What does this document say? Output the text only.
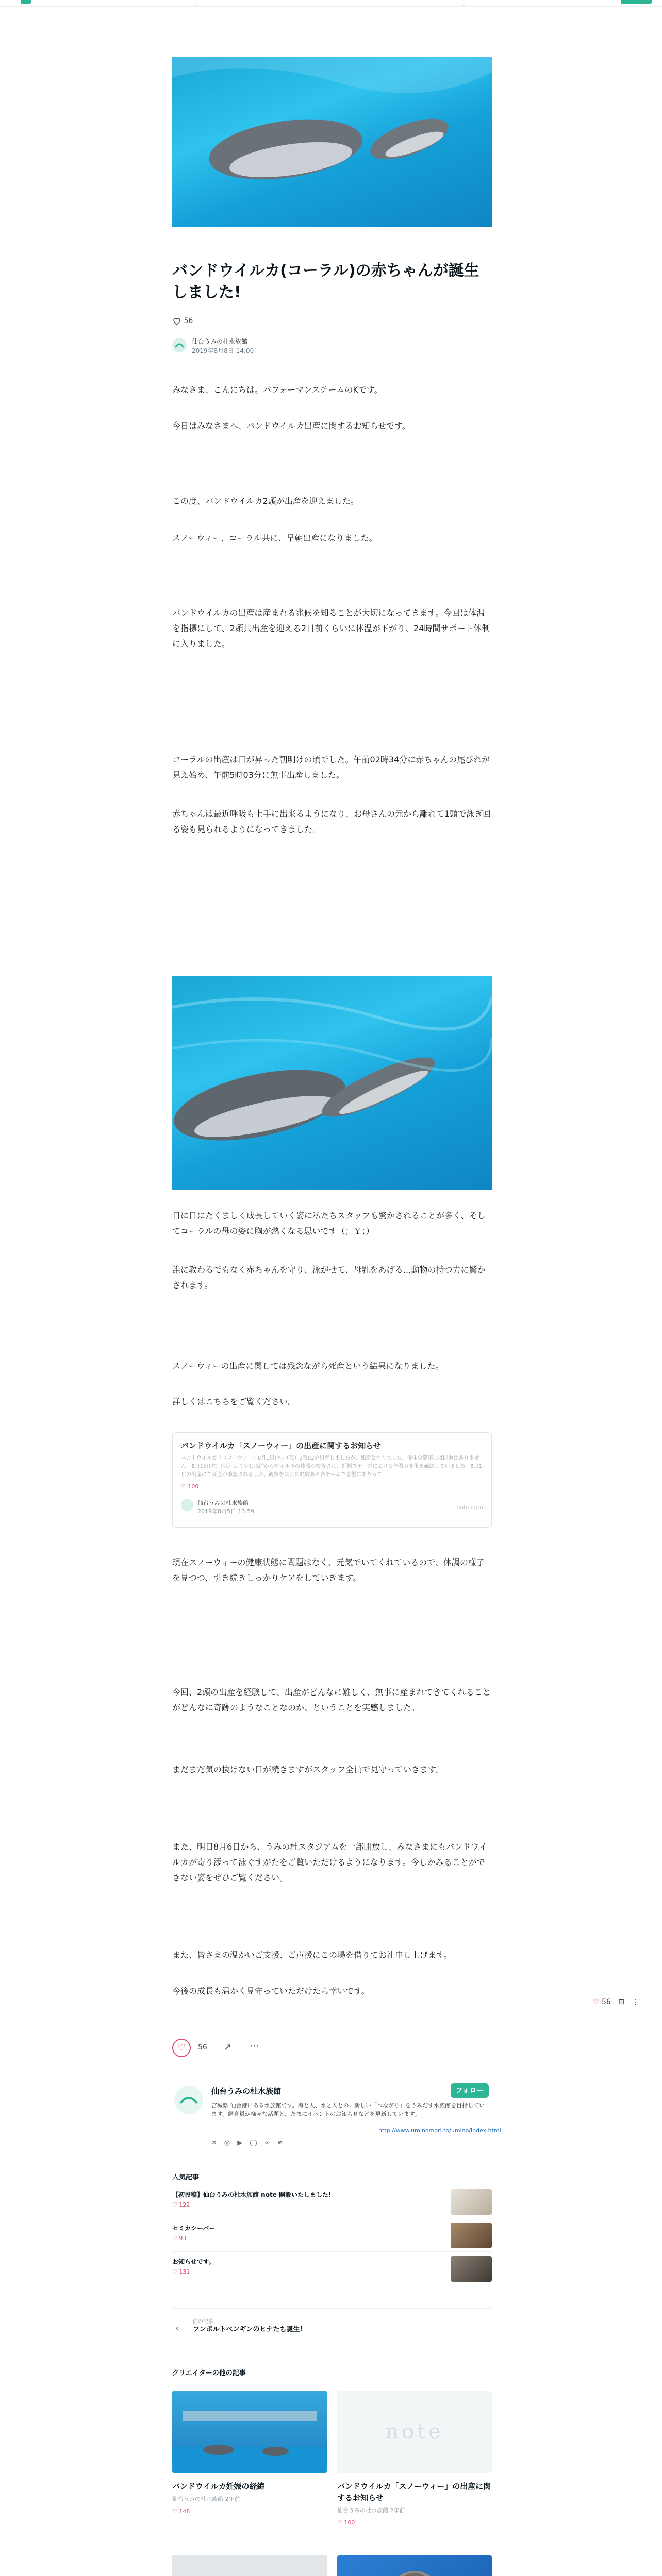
バンドウイルカ(コーラル)の赤ちゃんが誕生しました!
56
仙台うみの杜水族館
2019年8月8日 14:00
みなさま、こんにちは。パフォーマンスチームのKです。
今日はみなさまへ、バンドウイルカ出産に関するお知らせです。
この度、バンドウイルカ2頭が出産を迎えました。
スノーウィー、コーラル共に、早朝出産になりました。
バンドウイルカの出産は産まれる兆候を知ることが大切になってきます。今回は体温を指標にして、2頭共出産を迎える2日前くらいに体温が下がり、24時間サポート体制に入りました。
コーラルの出産は日が昇った朝明けの頃でした。午前02時34分に赤ちゃんの尾びれが見え始め、午前5時03分に無事出産しました。
赤ちゃんは最近呼吸も上手に出来るようになり、お母さんの元から離れて1頭で泳ぎ回る姿も見られるようになってきました。
日に日にたくましく成長していく姿に私たちスタッフも驚かされることが多く、そしてコーラルの母の姿に胸が熱くなる思いです（；Ｙ；）
誰に教わるでもなく赤ちゃんを守り、泳がせて、母乳をあげる…動物の持つ力に驚かされます。
スノーウィーの出産に関しては残念ながら死産という結果になりました。
詳しくはこちらをご覧ください。
バンドウイルカ「スノーウィー」の出産に関するお知らせ
バンドウイルカ「スノーウィー」8月1日(木)（死）2時02分出産しましたが、死産となりました。母体の健康には問題はありません。8月1日(木)（死）より少し以前から母イルカの体温が検査され、妊娠ステージにおける体温の変化を確認していました。8月1日の出産にて死産が確認されました。観察をはじめ経験ある各チームで事態にあたって…
♡ 100
仙台うみの杜水族館
2019年8月5日 13:59
note.com
現在スノーウィーの健康状態に問題はなく、元気でいてくれているので、体調の様子を見つつ、引き続きしっかりケアをしていきます。
今回、2頭の出産を経験して、出産がどんなに難しく、無事に産まれてきてくれることがどんなに奇跡のようなことなのか、ということを実感しました。
まだまだ気の抜けない日が続きますがスタッフ全員で見守っていきます。
また、明日8月6日から、うみの杜スタジアムを一部開放し、みなさまにもバンドウイルカが寄り添って泳ぐすがたをご覧いただけるようになります。今しかみることができない姿をぜひご覧ください。
また、皆さまの温かいご支援、ご声援にこの場を借りてお礼申し上げます。
今後の成長も温かく見守っていただけたら幸いです。
♡ 56 ⊟ ⋮
♡	56 ↗ ⋯
仙台うみの杜水族館	フォロー
宮城県 仙台港にある水族館です。海と人、水と人との、新しい「つながり」をうみだす水族館を目指しています。飼育員が様々な話題と、たまにイベントのお知らせなどを更新しています。
http://www.uminomori.to/umino/index.html
✕◎▶◯∞≋
人気記事
【初投稿】仙台うみの杜水族館 note 開設いたしました!
♡ 122
セミカシーバー
♡ 93
お知らせです。
♡ 131
‹
前の記事
フンボルトペンギンのヒナたち誕生!
クリエイターの他の記事
note
バンドウイルカ妊娠の経緯
仙台うみの杜水族館 2年前
♡ 148
バンドウイルカ「スノーウィー」の出産に関するお知らせ
仙台うみの杜水族館 2年前
♡ 100
